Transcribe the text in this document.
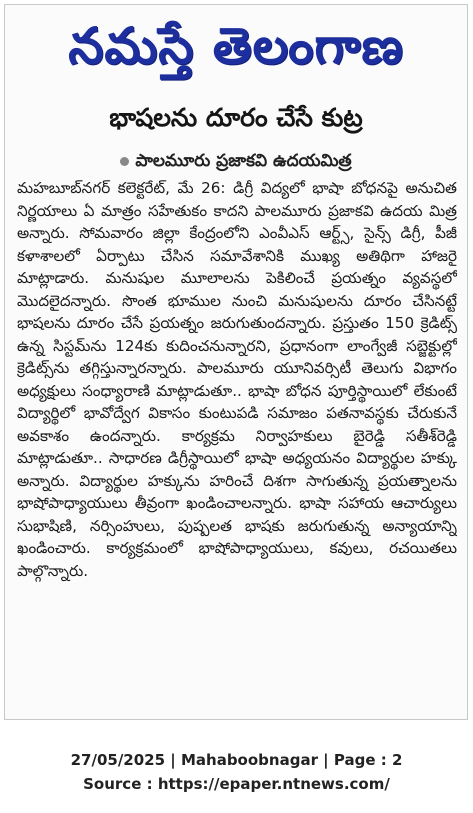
నమస్తే తెలంగాణ
భాషలను దూరం చేసే కుట్ర
పాలమూరు ప్రజాకవి ఉదయమిత్ర

మహబూబ్‌నగర్ కలెక్టరేట్, మే 26: డిగ్రీ విద్యలో భాషా బోధనపై అనుచిత నిర్ణయాలు ఏ మాత్రం సహేతుకం కాదని పాలమూరు ప్రజాకవి ఉదయ మిత్ర అన్నారు. సోమవారం జిల్లా కేంద్రంలోని ఎంవీఎస్ ఆర్ట్స్, సైన్స్ డిగ్రీ, పీజీ కళాశాలలో ఏర్పాటు చేసిన సమావేశానికి ముఖ్య అతిథిగా హాజరై మాట్లాడారు. మనుషుల మూలాలను పెకిలించే ప్రయత్నం వ్యవస్థలో మొదలైదన్నారు. సొంత భూముల నుంచి మనుషులను దూరం చేసినట్టే భాషలను దూరం చేసే ప్రయత్నం జరుగుతుందన్నారు. ప్రస్తుతం 150 క్రెడిట్స్ ఉన్న సిస్టమ్‌ను 124కు కుదించనున్నారని, ప్రధానంగా లాంగ్వేజీ సబ్జెక్టుల్లో క్రెడిట్స్‌ను తగ్గిస్తున్నారన్నారు. పాలమూరు యూనివర్సిటీ తెలుగు విభాగం అధ్యక్షులు సంధ్యారాణి మాట్లాడుతూ.. భాషా బోధన పూర్తిస్థాయిలో లేకుంటే విద్యార్థిలో భావోద్వేగ వికాసం కుంటుపడి సమాజం పతనావస్థకు చేరుకునే అవకాశం ఉందన్నారు. కార్యక్రమ నిర్వాహకులు బైరెడ్డి సతీశ్‌రెడ్డి మాట్లాడుతూ.. సాధారణ డిగ్రీస్థాయిలో భాషా అధ్యయనం విద్యార్థుల హక్కు అన్నారు. విద్యార్థుల హక్కును హరించే దిశగా సాగుతున్న ప్రయత్నాలను భాషోపాధ్యాయులు తీవ్రంగా ఖండించాలన్నారు. భాషా సహాయ ఆచార్యులు సుభాషిణి, నర్సింహులు, పుష్పలత భాషకు జరుగుతున్న అన్యాయాన్ని ఖండించారు. కార్యక్రమంలో భాషోపాధ్యాయులు, కవులు, రచయితలు పాల్గొన్నారు.

27/05/2025 | Mahaboobnagar | Page : 2
Source : https://epaper.ntnews.com/
